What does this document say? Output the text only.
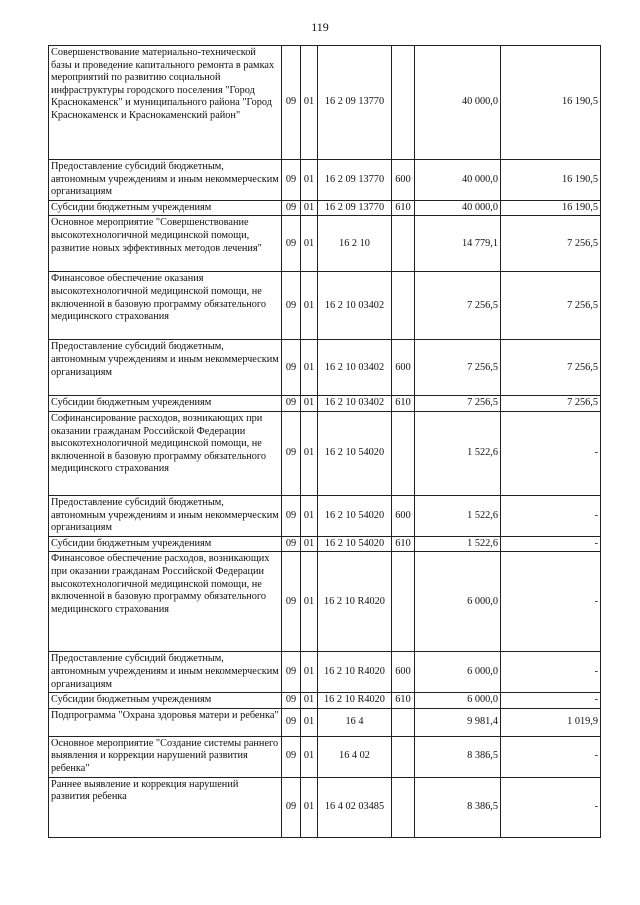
119
Совершенствование материально-технической базы и проведение капитального ремонта в рамках мероприятий по развитию социальной инфраструктуры городского поселения "Город Краснокаменск" и муниципального района "Город Краснокаменск и Краснокаменский район"	09	01	16 2 09 13770		40 000,0	16 190,5
Предоставление субсидий бюджетным, автономным учреждениям и иным некоммерческим организациям	09	01	16 2 09 13770	600	40 000,0	16 190,5
Субсидии бюджетным учреждениям	09	01	16 2 09 13770	610	40 000,0	16 190,5
Основное мероприятие "Совершенствование высокотехнологичной медицинской помощи, развитие новых эффективных методов лечения"	09	01	16 2 10		14 779,1	7 256,5
Финансовое обеспечение оказания высокотехнологичной медицинской помощи, не включенной в базовую программу обязательного медицинского страхования	09	01	16 2 10 03402		7 256,5	7 256,5
Предоставление субсидий бюджетным, автономным учреждениям и иным некоммерческим организациям	09	01	16 2 10 03402	600	7 256,5	7 256,5
Субсидии бюджетным учреждениям	09	01	16 2 10 03402	610	7 256,5	7 256,5
Софинансирование расходов, возникающих при оказании гражданам Российской Федерации высокотехнологичной медицинской помощи, не включенной в базовую программу обязательного медицинского страхования	09	01	16 2 10 54020		1 522,6	-
Предоставление субсидий бюджетным, автономным учреждениям и иным некоммерческим организациям	09	01	16 2 10 54020	600	1 522,6	-
Субсидии бюджетным учреждениям	09	01	16 2 10 54020	610	1 522,6	-
Финансовое обеспечение расходов, возникающих при оказании гражданам Российской Федерации высокотехнологичной медицинской помощи, не включенной в базовую программу обязательного медицинского страхования	09	01	16 2 10 R4020		6 000,0	-
Предоставление субсидий бюджетным, автономным учреждениям и иным некоммерческим организациям	09	01	16 2 10 R4020	600	6 000,0	-
Субсидии бюджетным учреждениям	09	01	16 2 10 R4020	610	6 000,0	-
Подпрограмма "Охрана здоровья матери и ребенка"	09	01	16 4		9 981,4	1 019,9
Основное мероприятие "Создание системы раннего выявления и коррекции нарушений развития ребенка"	09	01	16 4 02		8 386,5	-
Раннее выявление и коррекция нарушений развития ребенка	09	01	16 4 02 03485		8 386,5	-
